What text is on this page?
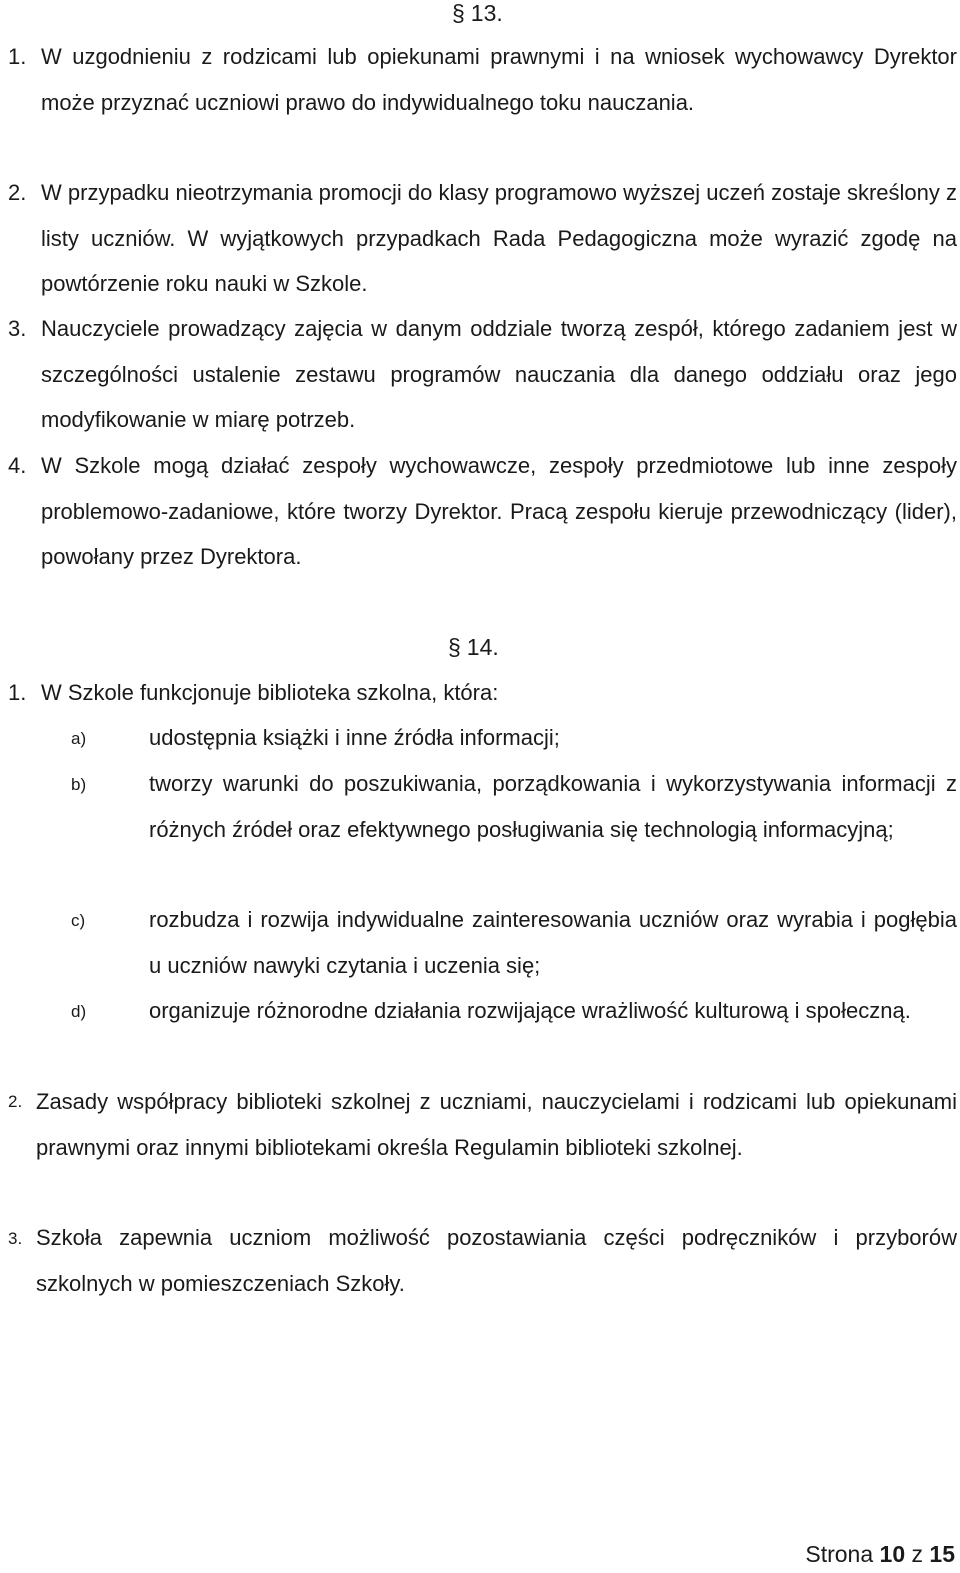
§ 13.
1. W uzgodnieniu z rodzicami lub opiekunami prawnymi i na wniosek wychowawcy Dyrektor może przyznać uczniowi prawo do indywidualnego toku nauczania.
2. W przypadku nieotrzymania promocji do klasy programowo wyższej uczeń zostaje skreślony z listy uczniów. W wyjątkowych przypadkach Rada Pedagogiczna może wyrazić zgodę na powtórzenie roku nauki w Szkole.
3. Nauczyciele prowadzący zajęcia w danym oddziale tworzą zespół, którego zadaniem jest w szczególności ustalenie zestawu programów nauczania dla danego oddziału oraz jego modyfikowanie w miarę potrzeb.
4. W Szkole mogą działać zespoły wychowawcze, zespoły przedmiotowe lub inne zespoły problemowo-zadaniowe, które tworzy Dyrektor. Pracą zespołu kieruje przewodniczący (lider), powołany przez Dyrektora.
§ 14.
1. W Szkole funkcjonuje biblioteka szkolna, która:
a)	udostępnia książki i inne źródła informacji;
b)	tworzy warunki do poszukiwania, porządkowania i wykorzystywania informacji z różnych źródeł oraz efektywnego posługiwania się technologią informacyjną;
c)	rozbudza i rozwija indywidualne zainteresowania uczniów oraz wyrabia i pogłębia u uczniów nawyki czytania i uczenia się;
d)	organizuje różnorodne działania rozwijające wrażliwość kulturową i społeczną.
2. Zasady współpracy biblioteki szkolnej z uczniami, nauczycielami i rodzicami lub opiekunami prawnymi oraz innymi bibliotekami określa Regulamin biblioteki szkolnej.
3. Szkoła zapewnia uczniom możliwość pozostawiania części podręczników i przyborów szkolnych w pomieszczeniach Szkoły.
Strona 10 z 15
